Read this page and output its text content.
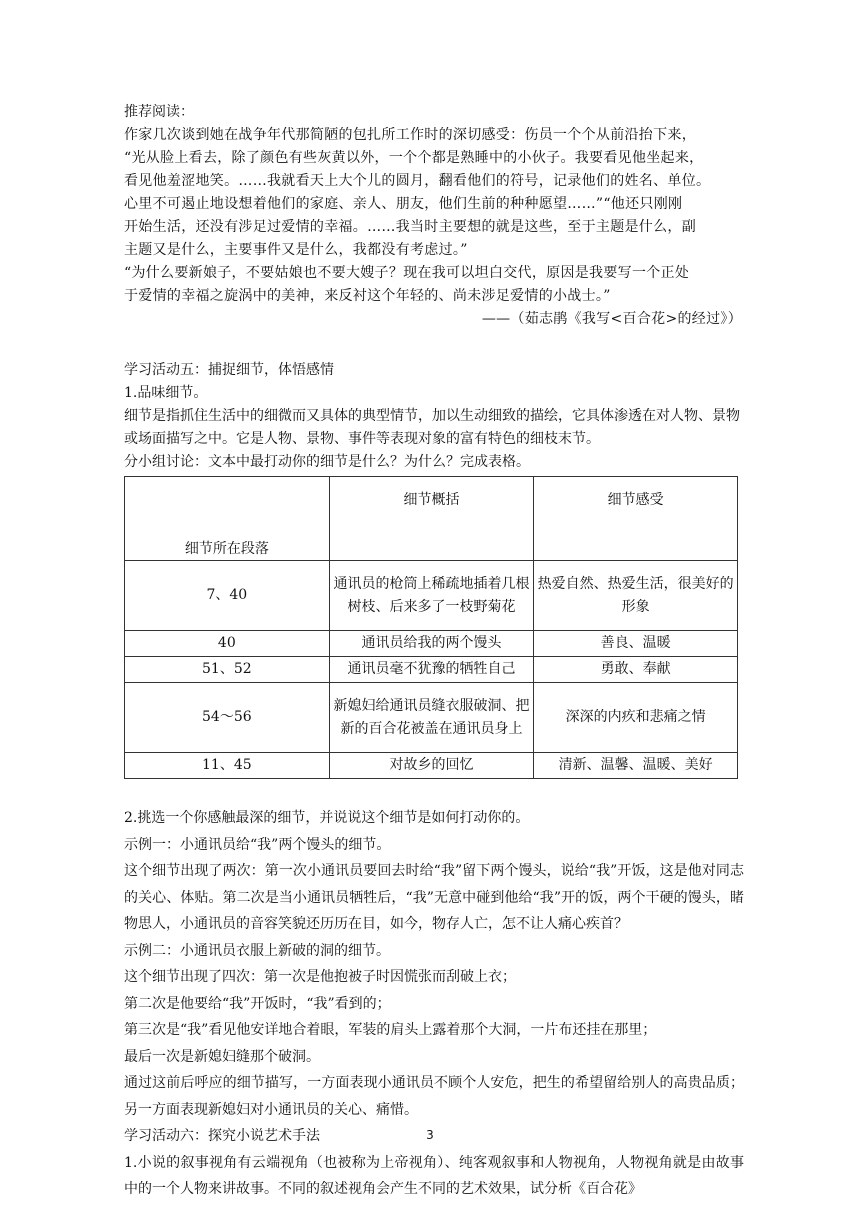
推荐阅读：

作家几次谈到她在战争年代那简陋的包扎所工作时的深切感受：伤员一个个从前沿抬下来，

“光从脸上看去，除了颜色有些灰黄以外，一个个都是熟睡中的小伙子。我要看见他坐起来，

看见他羞涩地笑。……我就看天上大个儿的圆月，翻看他们的符号，记录他们的姓名、单位。

心里不可遏止地设想着他们的家庭、亲人、朋友，他们生前的种种愿望……”“他还只刚刚

开始生活，还没有涉足过爱情的幸福。……我当时主要想的就是这些，至于主题是什么，副

主题又是什么，主要事件又是什么，我都没有考虑过。”

“为什么要新娘子，不要姑娘也不要大嫂子？现在我可以坦白交代，原因是我要写一个正处

于爱情的幸福之旋涡中的美神，来反衬这个年轻的、尚未涉足爱情的小战士。”

——（茹志鹃《我写<百合花>的经过》）

学习活动五：捕捉细节，体悟感情

1.品味细节。

细节是指抓住生活中的细微而又具体的典型情节，加以生动细致的描绘，它具体渗透在对人物、景物或场面描写之中。它是人物、景物、事件等表现对象的富有特色的细枝末节。

分小组讨论：文本中最打动你的细节是什么？为什么？完成表格。

细节所在段落	细节概括	细节感受
7、40	通讯员的枪筒上稀疏地插着几根树枝、后来多了一枝野菊花	热爱自然、热爱生活，很美好的形象
40	通讯员给我的两个馒头	善良、温暖
51、52	通讯员毫不犹豫的牺牲自己	勇敢、奉献
54～56	新媳妇给通讯员缝衣服破洞、把新的百合花被盖在通讯员身上	深深的内疚和悲痛之情
11、45	对故乡的回忆	清新、温馨、温暖、美好

2.挑选一个你感触最深的细节，并说说这个细节是如何打动你的。

示例一：小通讯员给“我”两个馒头的细节。

这个细节出现了两次：第一次小通讯员要回去时给“我”留下两个馒头，说给“我”开饭，这是他对同志的关心、体贴。第二次是当小通讯员牺牲后，“我”无意中碰到他给“我”开的饭，两个干硬的馒头，睹物思人，小通讯员的音容笑貌还历历在目，如今，物存人亡，怎不让人痛心疾首？

示例二：小通讯员衣服上新破的洞的细节。

这个细节出现了四次：第一次是他抱被子时因慌张而刮破上衣；

第二次是他要给“我”开饭时，“我”看到的；

第三次是“我”看见他安详地合着眼，军装的肩头上露着那个大洞，一片布还挂在那里；

最后一次是新媳妇缝那个破洞。

通过这前后呼应的细节描写，一方面表现小通讯员不顾个人安危，把生的希望留给别人的高贵品质；另一方面表现新媳妇对小通讯员的关心、痛惜。

学习活动六：探究小说艺术手法

1.小说的叙事视角有云端视角（也被称为上帝视角）、纯客观叙事和人物视角，人物视角就是由故事中的一个人物来讲故事。不同的叙述视角会产生不同的艺术效果，试分析《百合花》

3
